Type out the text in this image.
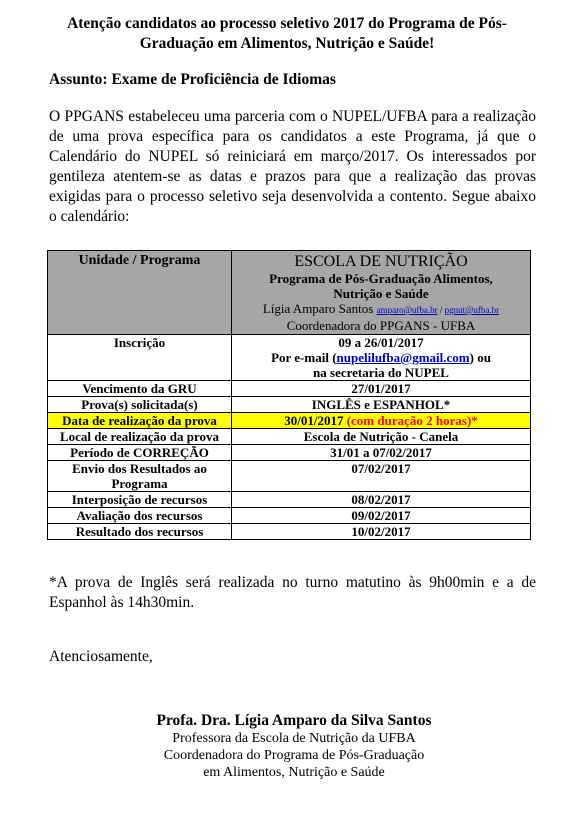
Atenção candidatos ao processo seletivo 2017 do Programa de Pós-
Graduação em Alimentos, Nutrição e Saúde!
Assunto: Exame de Proficiência de Idiomas
O PPGANS estabeleceu uma parceria com o NUPEL/UFBA para a realização de uma prova específica para os candidatos a este Programa, já que o Calendário do NUPEL só reiniciará em março/2017. Os interessados por gentileza atentem-se as datas e prazos para que a realização das provas exigidas para o processo seletivo seja desenvolvida a contento. Segue abaixo o calendário:
Unidade / Programa	ESCOLA DE NUTRIÇÃO
Programa de Pós-Graduação Alimentos,
Nutrição e Saúde
Lígia Amparo Santos amparo@ufba.br / pgnut@ufba.br
Coordenadora do PPGANS - UFBA

Inscrição	09 a 26/01/2017
Por e-mail (nupelilufba@gmail.com) ou
na secretaria do NUPEL

Vencimento da GRU	27/01/2017
Prova(s) solicitada(s)	INGLÊS e ESPANHOL*
Data de realização da prova	30/01/2017 (com duração 2 horas)*
Local de realização da prova	Escola de Nutrição - Canela
Período de CORREÇÃO	31/01 a 07/02/2017

Envio dos Resultados ao
Programa	07/02/2017
Interposição de recursos	08/02/2017
Avaliação dos recursos	09/02/2017
Resultado dos recursos	10/02/2017
*A prova de Inglês será realizada no turno matutino às 9h00min e a de Espanhol às 14h30min.
Atenciosamente,
Profa. Dra. Lígia Amparo da Silva Santos
Professora da Escola de Nutrição da UFBA
Coordenadora do Programa de Pós-Graduação
em Alimentos, Nutrição e Saúde
